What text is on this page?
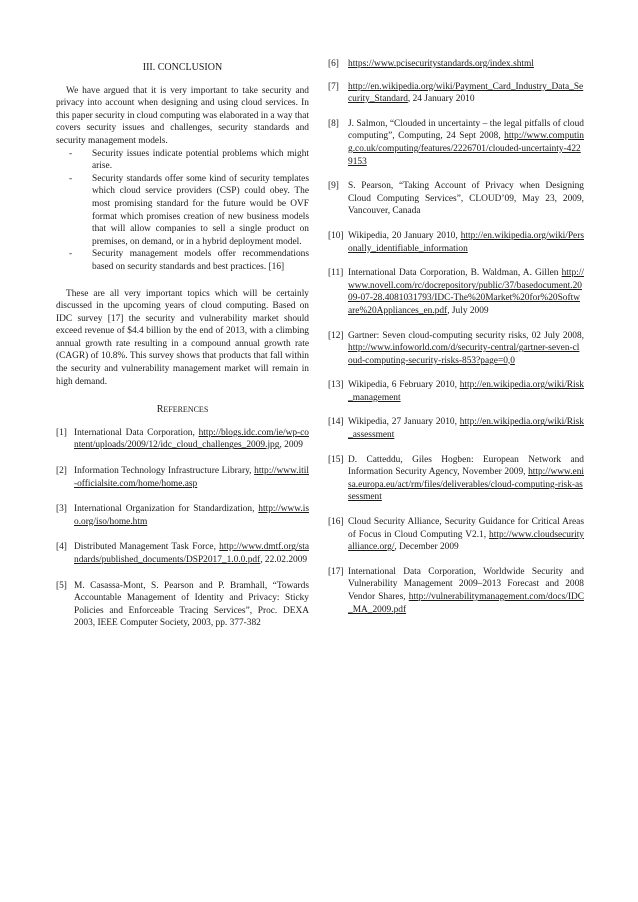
III. CONCLUSION

We have argued that it is very important to take security and privacy into account when designing and using cloud services. In this paper security in cloud computing was elaborated in a way that covers security issues and challenges, security standards and security management models.

- Security issues indicate potential problems which might arise.
- Security standards offer some kind of security templates which cloud service providers (CSP) could obey. The most promising standard for the future would be OVF format which promises creation of new business models that will allow companies to sell a single product on premises, on demand, or in a hybrid deployment model.
- Security management models offer recommendations based on security standards and best practices. [16]

These are all very important topics which will be certainly discussed in the upcoming years of cloud computing. Based on IDC survey [17] the security and vulnerability market should exceed revenue of $4.4 billion by the end of 2013, with a climbing annual growth rate resulting in a compound annual growth rate (CAGR) of 10.8%. This survey shows that products that fall within the security and vulnerability management market will remain in high demand.

REFERENCES
[1] International Data Corporation, http://blogs.idc.com/ie/wp-content/uploads/2009/12/idc_cloud_challenges_2009.jpg, 2009
[2] Information Technology Infrastructure Library, http://www.itil-officialsite.com/home/home.asp
[3] International Organization for Standardization, http://www.iso.org/iso/home.htm
[4] Distributed Management Task Force, http://www.dmtf.org/standards/published_documents/DSP2017_1.0.0.pdf, 22.02.2009
[5] M. Casassa-Mont, S. Pearson and P. Bramhall, “Towards Accountable Management of Identity and Privacy: Sticky Policies and Enforceable Tracing Services”, Proc. DEXA 2003, IEEE Computer Society, 2003, pp. 377-382
[6] https://www.pcisecuritystandards.org/index.shtml
[7] http://en.wikipedia.org/wiki/Payment_Card_Industry_Data_Security_Standard, 24 January 2010
[8] J. Salmon, “Clouded in uncertainty – the legal pitfalls of cloud computing”, Computing, 24 Sept 2008, http://www.computing.co.uk/computing/features/2226701/clouded-uncertainty-4229153
[9] S. Pearson, “Taking Account of Privacy when Designing Cloud Computing Services”, CLOUD’09, May 23, 2009, Vancouver, Canada
[10] Wikipedia, 20 January 2010, http://en.wikipedia.org/wiki/Personally_identifiable_information
[11] International Data Corporation, B. Waldman, A. Gillen http://www.novell.com/rc/docrepository/public/37/basedocument.2009-07-28.4081031793/IDC-The%20Market%20for%20Software%20Appliances_en.pdf, July 2009
[12] Gartner: Seven cloud-computing security risks, 02 July 2008, http://www.infoworld.com/d/security-central/gartner-seven-cloud-computing-security-risks-853?page=0,0
[13] Wikipedia, 6 February 2010, http://en.wikipedia.org/wiki/Risk_management
[14] Wikipedia, 27 January 2010, http://en.wikipedia.org/wiki/Risk_assessment
[15] D. Catteddu, Giles Hogben: European Network and Information Security Agency, November 2009, http://www.enisa.europa.eu/act/rm/files/deliverables/cloud-computing-risk-assessment
[16] Cloud Security Alliance, Security Guidance for Critical Areas of Focus in Cloud Computing V2.1, http://www.cloudsecurityalliance.org/, December 2009
[17] International Data Corporation, Worldwide Security and Vulnerability Management 2009–2013 Forecast and 2008 Vendor Shares, http://vulnerabilitymanagement.com/docs/IDC_MA_2009.pdf
